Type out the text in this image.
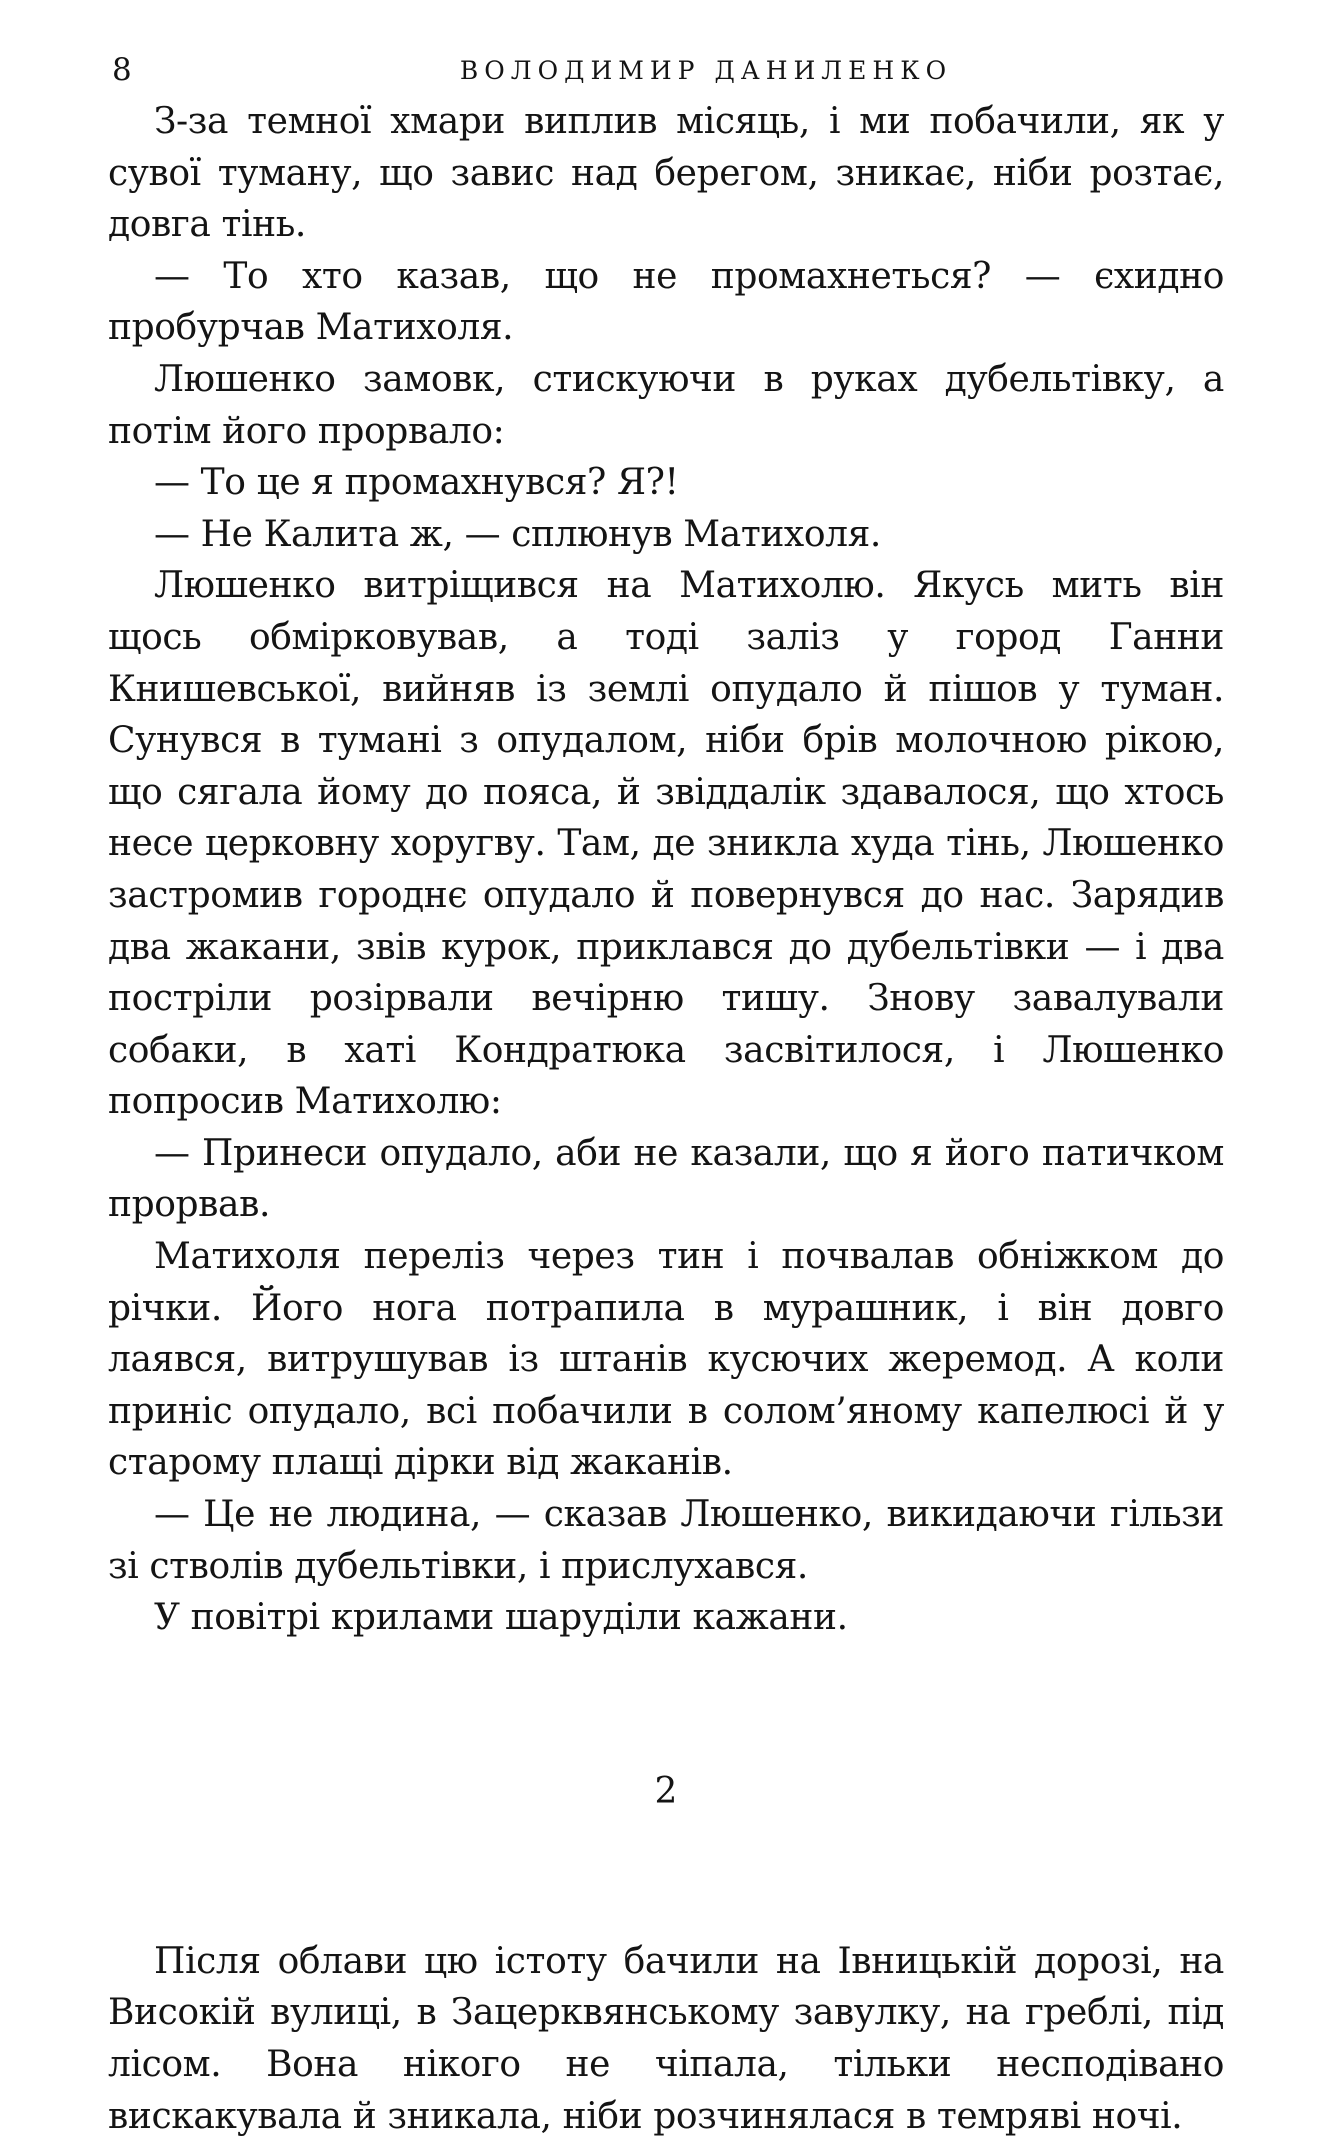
8	ВОЛОДИМИР ДАНИЛЕНКО

З-за темної хмари виплив місяць, і ми побачили, як у сувої туману, що завис над берегом, зникає, ніби розтає, довга тінь.

— То хто казав, що не промахнеться? — єхидно пробурчав Матихоля.

Люшенко замовк, стискуючи в руках дубельтівку, а потім його прорвало:

— То це я промахнувся? Я?!

— Не Калита ж, — сплюнув Матихоля.

Люшенко витріщився на Матихолю. Якусь мить він щось обмірковував, а тоді заліз у город Ганни Книшевської, вийняв із землі опудало й пішов у туман. Сунувся в тумані з опудалом, ніби брів молочною рікою, що сягала йому до пояса, й звіддалік здавалося, що хтось несе церковну хоругву. Там, де зникла худа тінь, Люшенко застромив городнє опудало й повернувся до нас. Зарядив два жакани, звів курок, приклався до дубельтівки — і два постріли розірвали вечірню тишу. Знову завалували собаки, в хаті Кондратюка засвітилося, і Люшенко попросив Матихолю:

— Принеси опудало, аби не казали, що я його патичком прорвав.

Матихоля переліз через тин і почвалав обніжком до річки. Його нога потрапила в мурашник, і він довго лаявся, витрушував із штанів кусючих жеремод. А коли приніс опудало, всі побачили в солом’яному капелюсі й у старому плащі дірки від жаканів.

— Це не людина, — сказав Люшенко, викидаючи гільзи зі стволів дубельтівки, і прислухався.

У повітрі крилами шаруділи кажани.

2

Після облави цю істоту бачили на Івницькій дорозі, на Високій вулиці, в Зацерквянському завулку, на греблі, під лісом. Вона нікого не чіпала, тільки несподівано вискакувала й зникала, ніби розчинялася в темряві ночі.
